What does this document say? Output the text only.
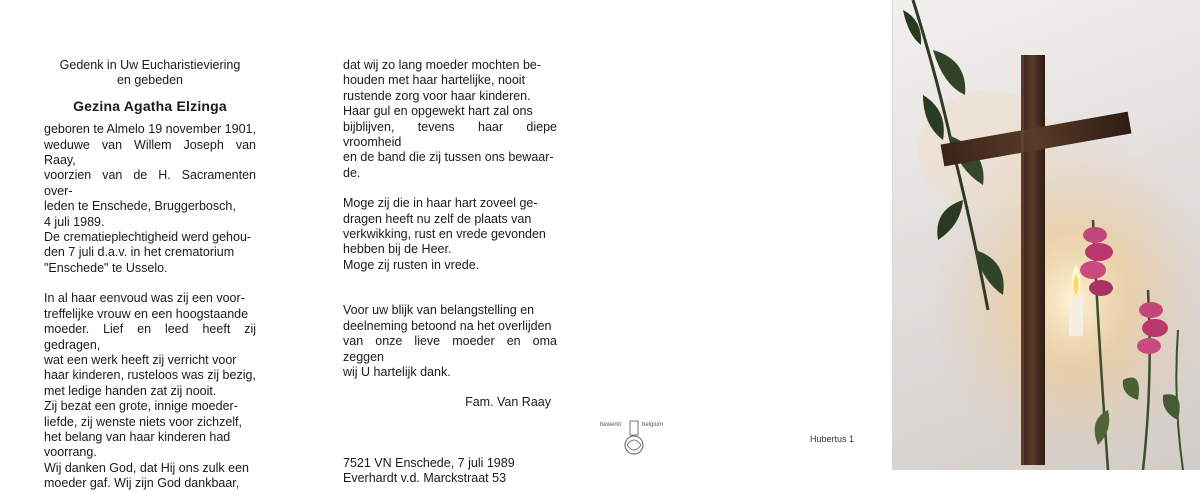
Gedenk in Uw Eucharistieviering

en gebeden

Gezina Agatha Elzinga

geboren te Almelo 19 november 1901,

weduwe van Willem Joseph van Raay,

voorzien van de H. Sacramenten over-

leden te Enschede, Bruggerbosch,

4 juli 1989.

De crematieplechtigheid werd gehou-

den 7 juli d.a.v. in het crematorium

"Enschede" te Usselo.

In al haar eenvoud was zij een voor-

treffelijke vrouw en een hoogstaande

moeder. Lief en leed heeft zij gedragen,

wat een werk heeft zij verricht voor

haar kinderen, rusteloos was zij bezig,

met ledige handen zat zij nooit.

Zij bezat een grote, innige moeder-

liefde, zij wenste niets voor zichzelf,

het belang van haar kinderen had

voorrang.

Wij danken God, dat Hij ons zulk een

moeder gaf. Wij zijn God dankbaar,

dat wij zo lang moeder mochten be-

houden met haar hartelijke, nooit

rustende zorg voor haar kinderen.

Haar gul en opgewekt hart zal ons

bijblijven, tevens haar diepe vroomheid

en de band die zij tussen ons bewaar-

de.

Moge zij die in haar hart zoveel ge-

dragen heeft nu zelf de plaats van

verkwikking, rust en vrede gevonden

hebben bij de Heer.

Moge zij rusten in vrede.

Voor uw blijk van belangstelling en

deelneming betoond na het overlijden

van onze lieve moeder en oma zeggen

wij U hartelijk dank.

Fam. Van Raay

7521 VN Enschede, 7 juli 1989

Everhardt v.d. Marckstraat 53

bewerkt	belgium
Hubertus 1
